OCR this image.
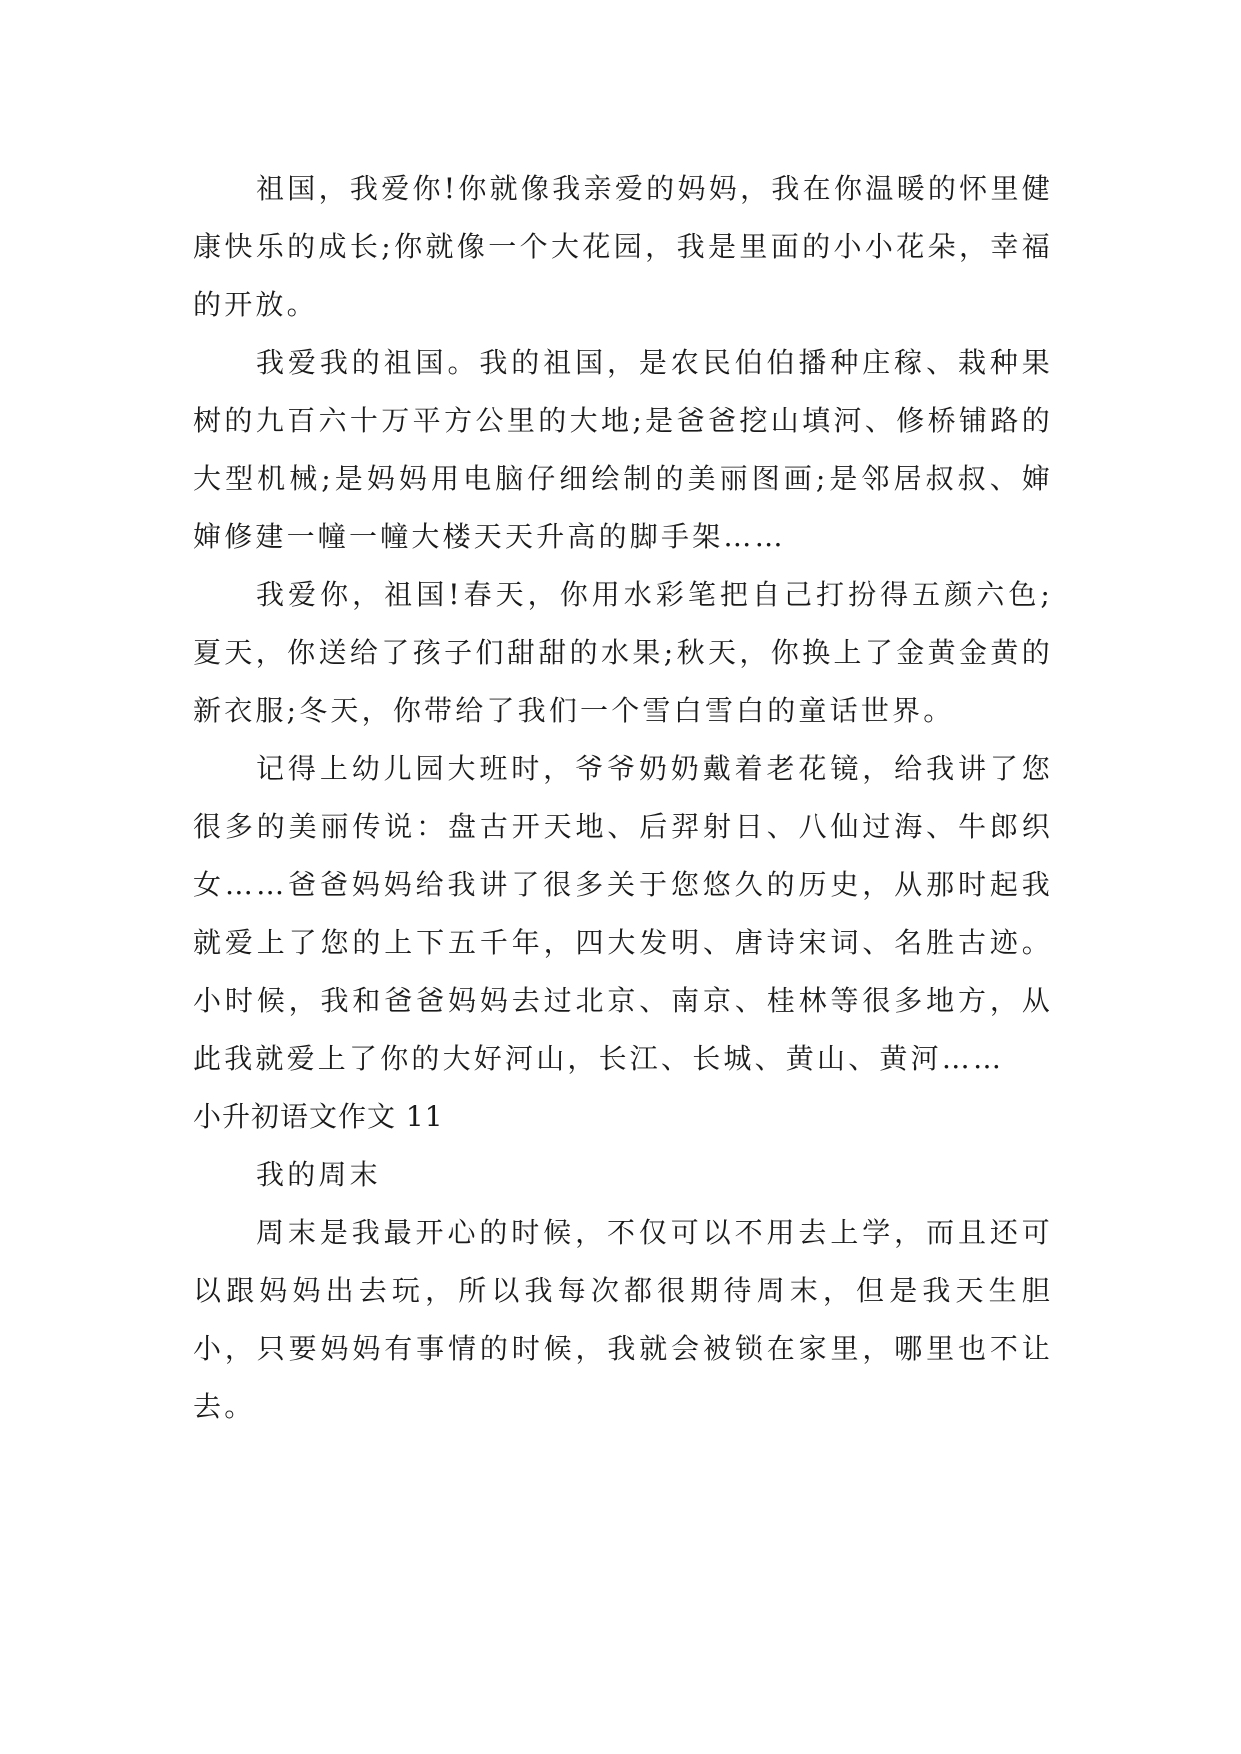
祖国，我爱你!你就像我亲爱的妈妈，我在你温暖的怀里健康快乐的成长;你就像一个大花园，我是里面的小小花朵，幸福的开放。

我爱我的祖国。我的祖国，是农民伯伯播种庄稼、栽种果树的九百六十万平方公里的大地;是爸爸挖山填河、修桥铺路的大型机械;是妈妈用电脑仔细绘制的美丽图画;是邻居叔叔、婶婶修建一幢一幢大楼天天升高的脚手架……

我爱你，祖国!春天，你用水彩笔把自己打扮得五颜六色;夏天，你送给了孩子们甜甜的水果;秋天，你换上了金黄金黄的新衣服;冬天，你带给了我们一个雪白雪白的童话世界。

记得上幼儿园大班时，爷爷奶奶戴着老花镜，给我讲了您很多的美丽传说：盘古开天地、后羿射日、八仙过海、牛郎织女……爸爸妈妈给我讲了很多关于您悠久的历史，从那时起我就爱上了您的上下五千年，四大发明、唐诗宋词、名胜古迹。小时候，我和爸爸妈妈去过北京、南京、桂林等很多地方，从此我就爱上了你的大好河山，长江、长城、黄山、黄河……

小升初语文作文 11

我的周末

周末是我最开心的时候，不仅可以不用去上学，而且还可以跟妈妈出去玩，所以我每次都很期待周末，但是我天生胆小，只要妈妈有事情的时候，我就会被锁在家里，哪里也不让去。
